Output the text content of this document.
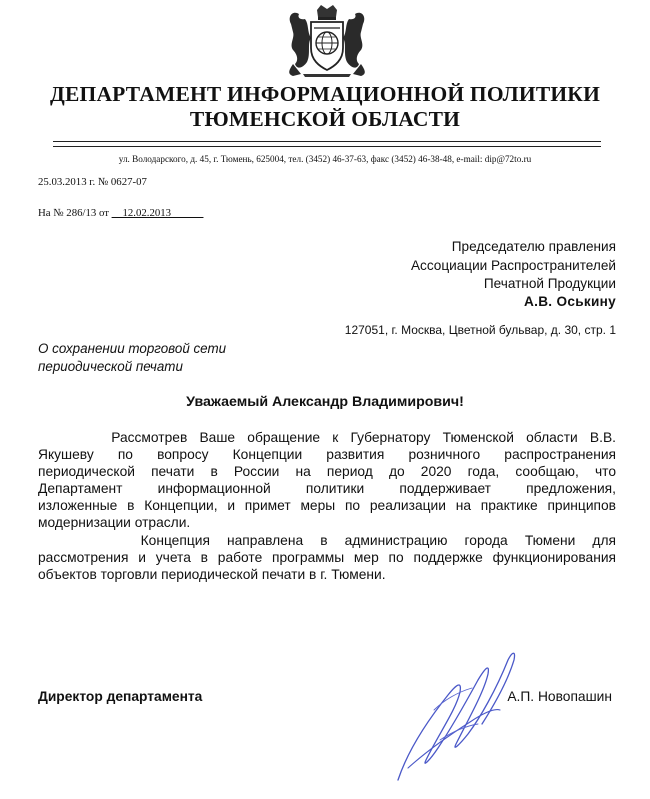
ДЕПАРТАМЕНТ ИНФОРМАЦИОННОЙ ПОЛИТИКИ
ТЮМЕНСКОЙ ОБЛАСТИ
ул. Володарского, д. 45, г. Тюмень, 625004, тел. (3452) 46-37-63, факс (3452) 46-38-48, e-mail: dip@72to.ru
25.03.2013 г. № 0627-07
На № 286/13 от __12.02.2013______
Председателю правления
Ассоциации Распространителей
Печатной Продукции
А.В. Оськину
127051, г. Москва, Цветной бульвар, д. 30, стр. 1
О сохранении торговой сети
периодической печати
Уважаемый Александр Владимирович!
Рассмотрев Ваше обращение к Губернатору Тюменской области В.В.
Якушеву по вопросу Концепции развития розничного распространения
периодической печати в России на период до 2020 года, сообщаю, что
Департамент информационной политики поддерживает предложения,
изложенные в Концепции, и примет меры по реализации на практике принципов
модернизации отрасли.
Концепция направлена в администрацию города Тюмени для
рассмотрения и учета в работе программы мер по поддержке функционирования
объектов торговли периодической печати в г. Тюмени.
Директор департамента	А.П. Новопашин
